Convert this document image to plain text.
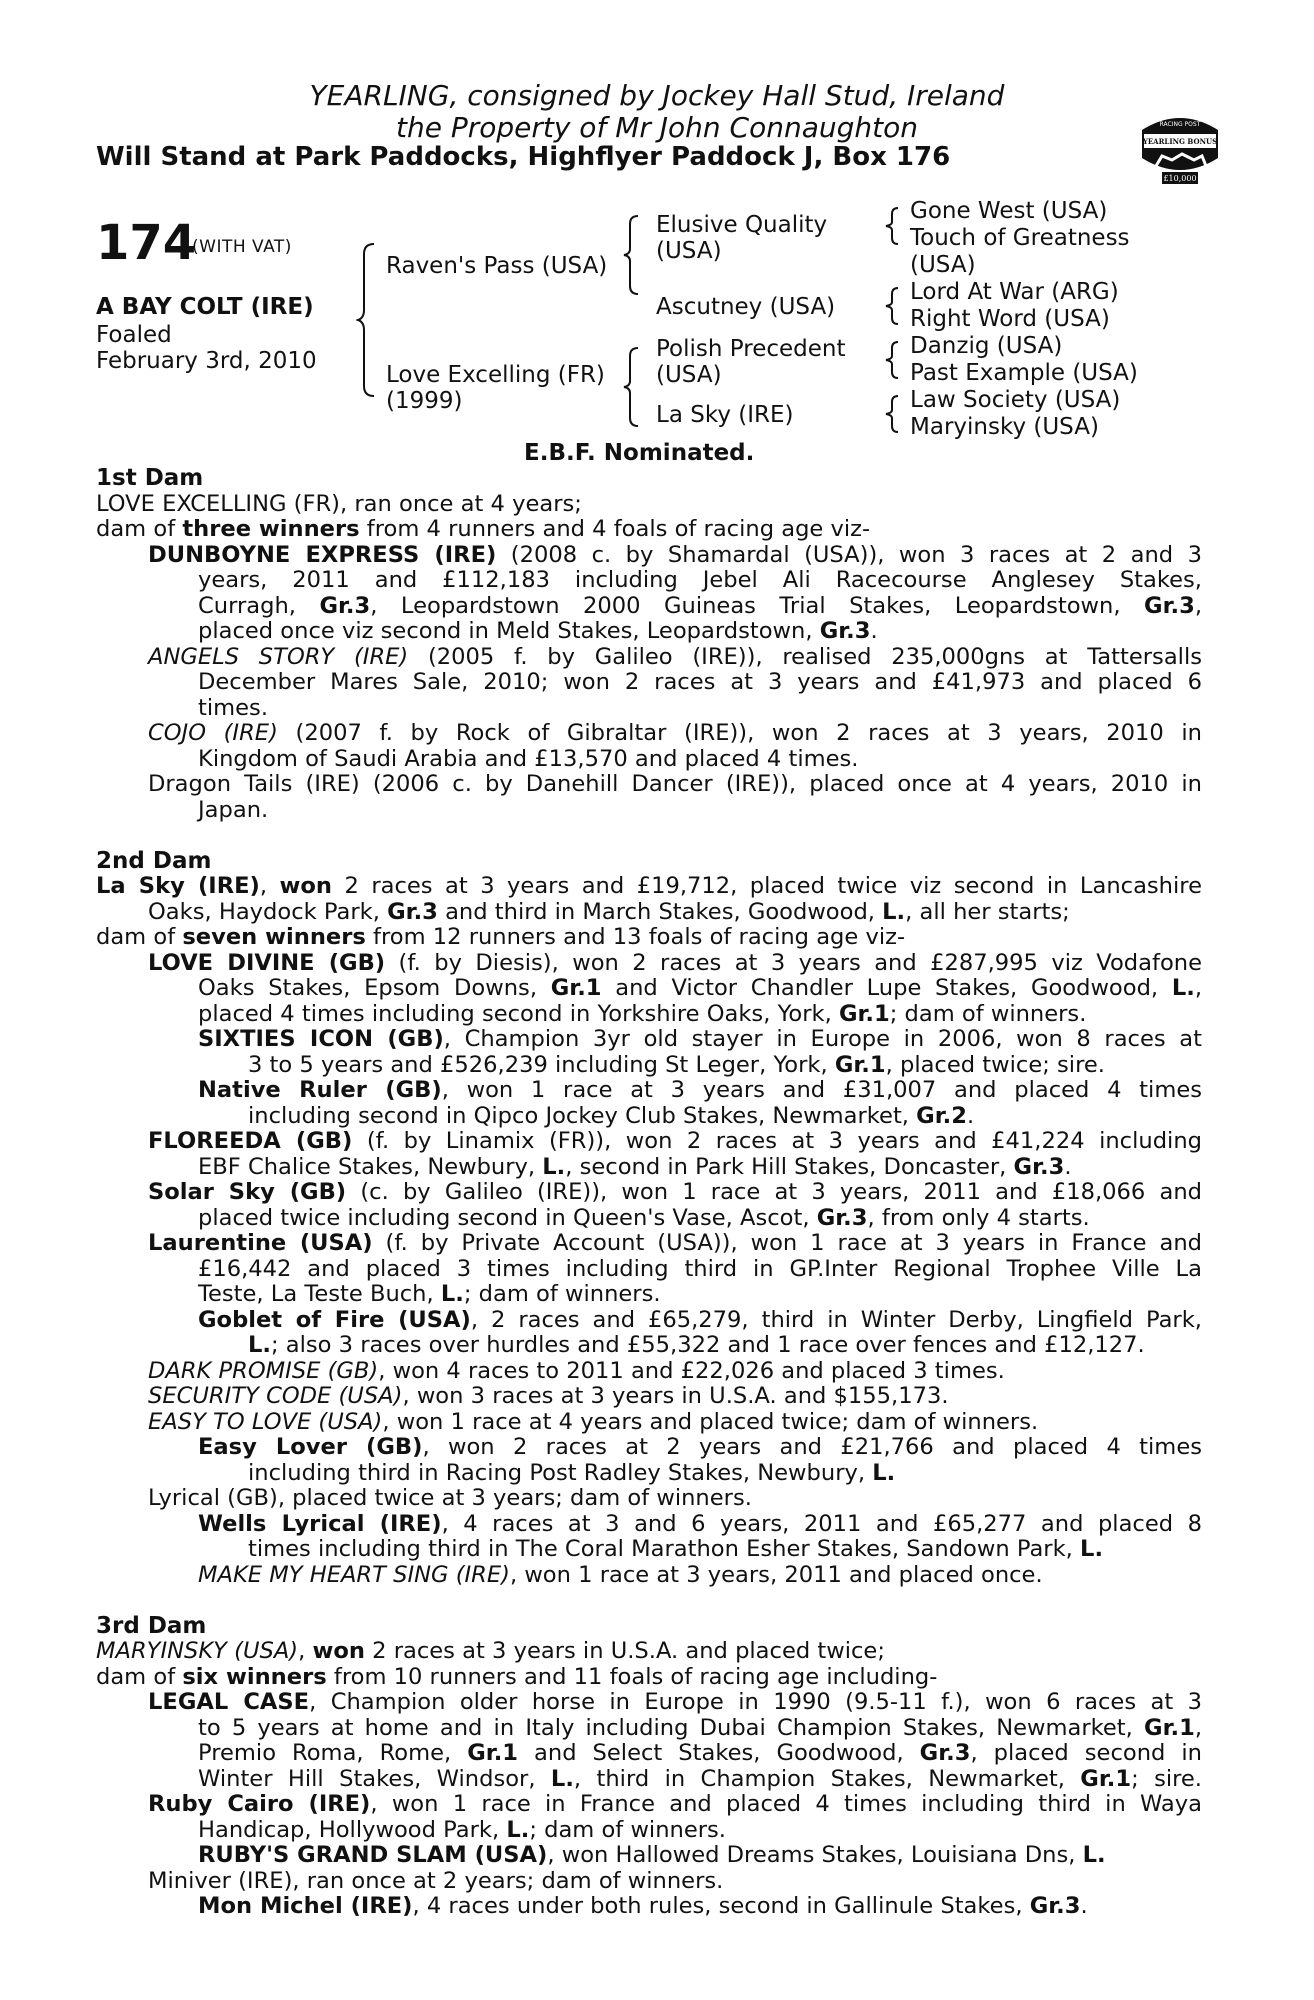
YEARLING, consigned by Jockey Hall Stud, Ireland
the Property of Mr John Connaughton
Will Stand at Park Paddocks, Highflyer Paddock J, Box 176
RACING POST
YEARLING BONUS
£10,000
174
(WITH VAT)
A BAY COLT (IRE)
Foaled
February 3rd, 2010
Raven's Pass (USA)
Love Excelling (FR)
(1999)
Elusive Quality
(USA)
Ascutney (USA)
Polish Precedent
(USA)
La Sky (IRE)
Gone West (USA)
Touch of Greatness
(USA)
Lord At War (ARG)
Right Word (USA)
Danzig (USA)
Past Example (USA)
Law Society (USA)
Maryinsky (USA)
E.B.F. Nominated.
1st Dam
LOVE EXCELLING (FR), ran once at 4 years;
dam of three winners from 4 runners and 4 foals of racing age viz-
DUNBOYNE EXPRESS (IRE) (2008 c. by Shamardal (USA)), won 3 races at 2 and 3
years, 2011 and £112,183 including Jebel Ali Racecourse Anglesey Stakes,
Curragh, Gr.3, Leopardstown 2000 Guineas Trial Stakes, Leopardstown, Gr.3,
placed once viz second in Meld Stakes, Leopardstown, Gr.3.
ANGELS STORY (IRE) (2005 f. by Galileo (IRE)), realised 235,000gns at Tattersalls
December Mares Sale, 2010; won 2 races at 3 years and £41,973 and placed 6
times.
COJO (IRE) (2007 f. by Rock of Gibraltar (IRE)), won 2 races at 3 years, 2010 in
Kingdom of Saudi Arabia and £13,570 and placed 4 times.
Dragon Tails (IRE) (2006 c. by Danehill Dancer (IRE)), placed once at 4 years, 2010 in
Japan.
2nd Dam
La Sky (IRE), won 2 races at 3 years and £19,712, placed twice viz second in Lancashire
Oaks, Haydock Park, Gr.3 and third in March Stakes, Goodwood, L., all her starts;
dam of seven winners from 12 runners and 13 foals of racing age viz-
LOVE DIVINE (GB) (f. by Diesis), won 2 races at 3 years and £287,995 viz Vodafone
Oaks Stakes, Epsom Downs, Gr.1 and Victor Chandler Lupe Stakes, Goodwood, L.,
placed 4 times including second in Yorkshire Oaks, York, Gr.1; dam of winners.
SIXTIES ICON (GB), Champion 3yr old stayer in Europe in 2006, won 8 races at
3 to 5 years and £526,239 including St Leger, York, Gr.1, placed twice; sire.
Native Ruler (GB), won 1 race at 3 years and £31,007 and placed 4 times
including second in Qipco Jockey Club Stakes, Newmarket, Gr.2.
FLOREEDA (GB) (f. by Linamix (FR)), won 2 races at 3 years and £41,224 including
EBF Chalice Stakes, Newbury, L., second in Park Hill Stakes, Doncaster, Gr.3.
Solar Sky (GB) (c. by Galileo (IRE)), won 1 race at 3 years, 2011 and £18,066 and
placed twice including second in Queen's Vase, Ascot, Gr.3, from only 4 starts.
Laurentine (USA) (f. by Private Account (USA)), won 1 race at 3 years in France and
£16,442 and placed 3 times including third in GP.Inter Regional Trophee Ville La
Teste, La Teste Buch, L.; dam of winners.
Goblet of Fire (USA), 2 races and £65,279, third in Winter Derby, Lingfield Park,
L.; also 3 races over hurdles and £55,322 and 1 race over fences and £12,127.
DARK PROMISE (GB), won 4 races to 2011 and £22,026 and placed 3 times.
SECURITY CODE (USA), won 3 races at 3 years in U.S.A. and $155,173.
EASY TO LOVE (USA), won 1 race at 4 years and placed twice; dam of winners.
Easy Lover (GB), won 2 races at 2 years and £21,766 and placed 4 times
including third in Racing Post Radley Stakes, Newbury, L.
Lyrical (GB), placed twice at 3 years; dam of winners.
Wells Lyrical (IRE), 4 races at 3 and 6 years, 2011 and £65,277 and placed 8
times including third in The Coral Marathon Esher Stakes, Sandown Park, L.
MAKE MY HEART SING (IRE), won 1 race at 3 years, 2011 and placed once.
3rd Dam
MARYINSKY (USA), won 2 races at 3 years in U.S.A. and placed twice;
dam of six winners from 10 runners and 11 foals of racing age including-
LEGAL CASE, Champion older horse in Europe in 1990 (9.5-11 f.), won 6 races at 3
to 5 years at home and in Italy including Dubai Champion Stakes, Newmarket, Gr.1,
Premio Roma, Rome, Gr.1 and Select Stakes, Goodwood, Gr.3, placed second in
Winter Hill Stakes, Windsor, L., third in Champion Stakes, Newmarket, Gr.1; sire.
Ruby Cairo (IRE), won 1 race in France and placed 4 times including third in Waya
Handicap, Hollywood Park, L.; dam of winners.
RUBY'S GRAND SLAM (USA), won Hallowed Dreams Stakes, Louisiana Dns, L.
Miniver (IRE), ran once at 2 years; dam of winners.
Mon Michel (IRE), 4 races under both rules, second in Gallinule Stakes, Gr.3.
